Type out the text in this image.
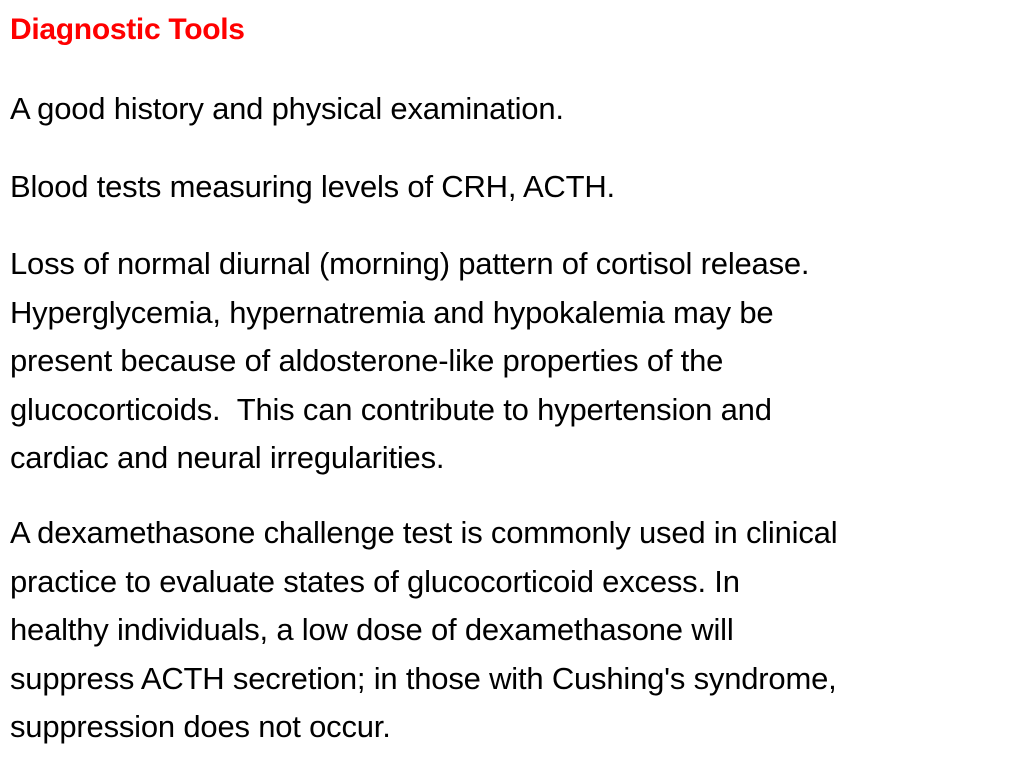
Diagnostic Tools
A good history and physical examination.
Blood tests measuring levels of CRH, ACTH.
Loss of normal diurnal (morning) pattern of cortisol release.
Hyperglycemia, hypernatremia and hypokalemia may be
present because of aldosterone-like properties of the
glucocorticoids.  This can contribute to hypertension and
cardiac and neural irregularities.
A dexamethasone challenge test is commonly used in clinical
practice to evaluate states of glucocorticoid excess. In
healthy individuals, a low dose of dexamethasone will
suppress ACTH secretion; in those with Cushing's syndrome,
suppression does not occur.
